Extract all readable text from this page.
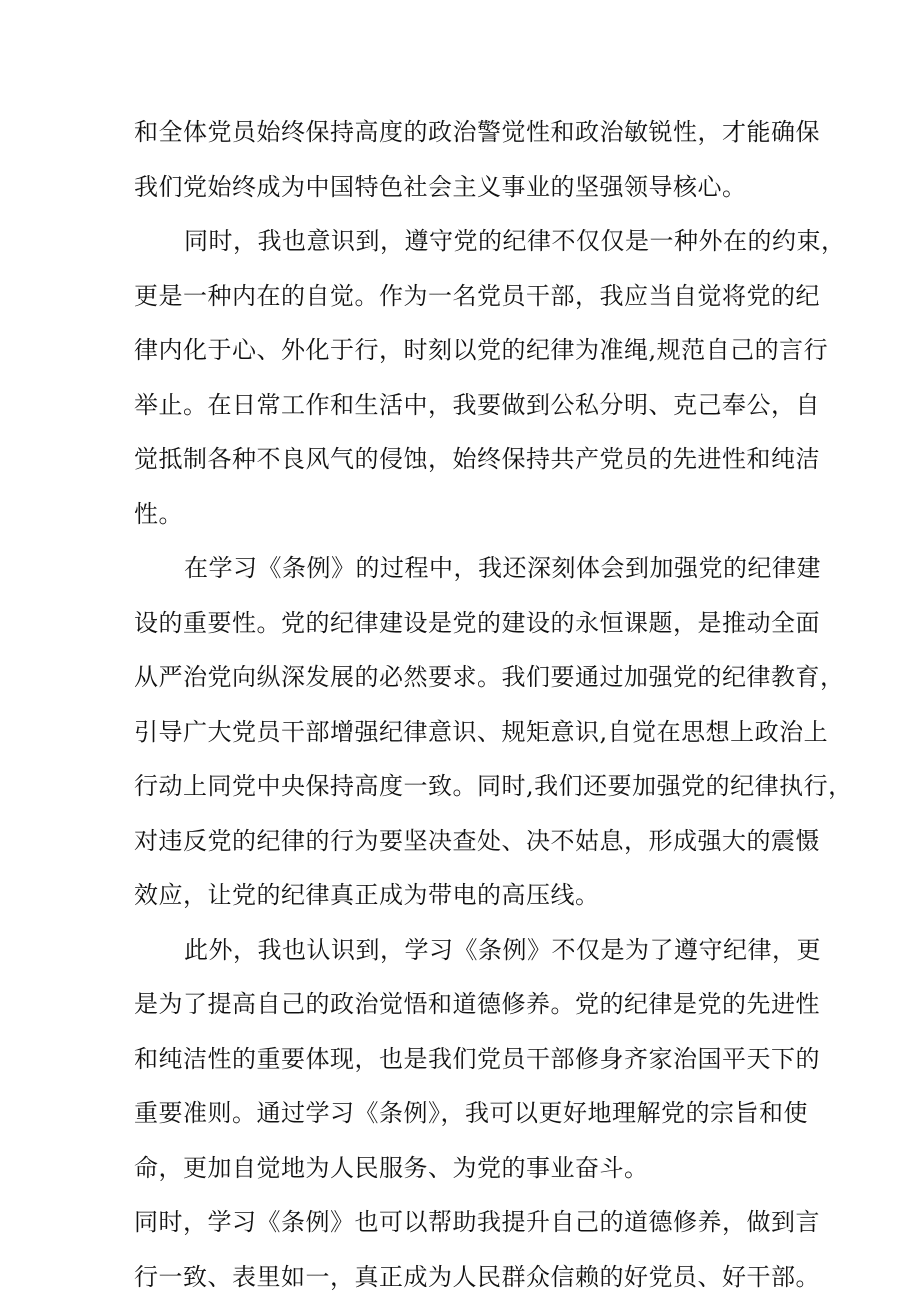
和全体党员始终保持高度的政治警觉性和政治敏锐性，才能确保
我们党始终成为中国特色社会主义事业的坚强领导核心。
同时，我也意识到，遵守党的纪律不仅仅是一种外在的约束，
更是一种内在的自觉。作为一名党员干部，我应当自觉将党的纪
律内化于心、外化于行，时刻以党的纪律为准绳,规范自己的言行
举止。在日常工作和生活中，我要做到公私分明、克己奉公，自
觉抵制各种不良风气的侵蚀，始终保持共产党员的先进性和纯洁
性。
在学习《条例》的过程中，我还深刻体会到加强党的纪律建
设的重要性。党的纪律建设是党的建设的永恒课题，是推动全面
从严治党向纵深发展的必然要求。我们要通过加强党的纪律教育，
引导广大党员干部增强纪律意识、规矩意识,自觉在思想上政治上
行动上同党中央保持高度一致。同时,我们还要加强党的纪律执行，
对违反党的纪律的行为要坚决查处、决不姑息，形成强大的震慑
效应，让党的纪律真正成为带电的高压线。
此外，我也认识到，学习《条例》不仅是为了遵守纪律，更
是为了提高自己的政治觉悟和道德修养。党的纪律是党的先进性
和纯洁性的重要体现，也是我们党员干部修身齐家治国平天下的
重要准则。通过学习《条例》，我可以更好地理解党的宗旨和使
命，更加自觉地为人民服务、为党的事业奋斗。
同时，学习《条例》也可以帮助我提升自己的道德修养，做到言
行一致、表里如一，真正成为人民群众信赖的好党员、好干部。
